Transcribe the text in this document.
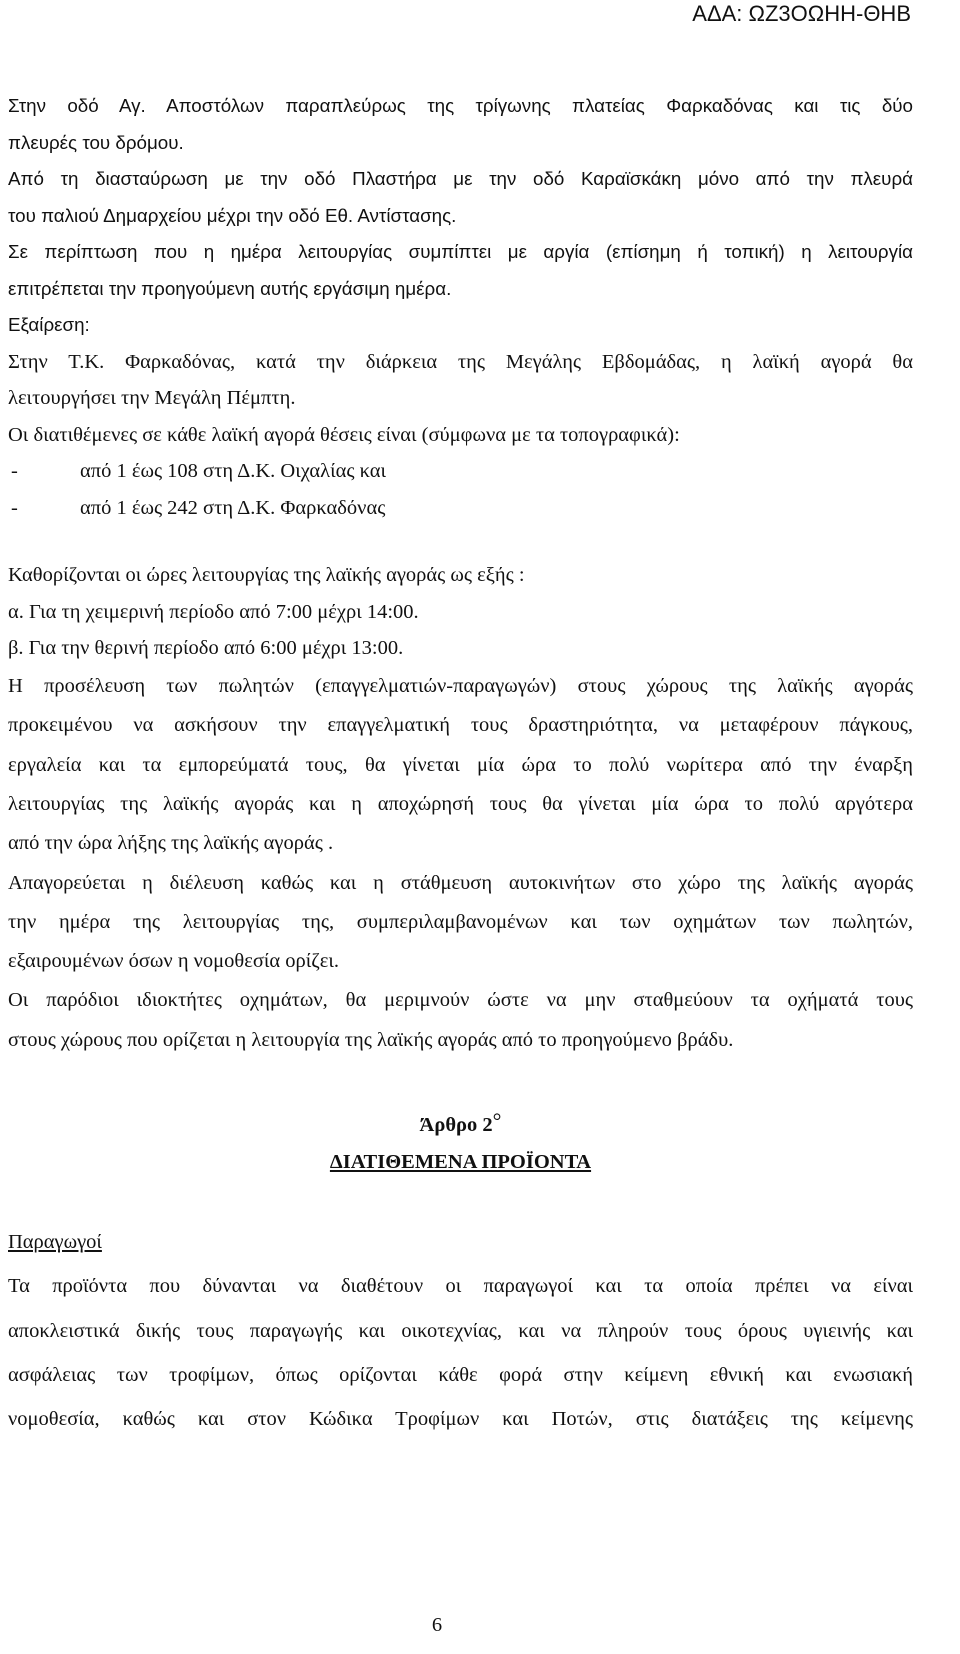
ΑΔΑ: ΩΖ3ΟΩΗΗ-ΘΗΒ
Στην οδό Αγ. Αποστόλων παραπλεύρως της τρίγωνης πλατείας Φαρκαδόνας και τις δύο
πλευρές του δρόμου.
Από τη διασταύρωση με την οδό Πλαστήρα με την οδό Καραϊσκάκη μόνο από την πλευρά
του παλιού Δημαρχείου μέχρι την οδό Εθ. Αντίστασης.
Σε περίπτωση που η ημέρα λειτουργίας συμπίπτει με αργία (επίσημη ή τοπική) η λειτουργία
επιτρέπεται την προηγούμενη αυτής εργάσιμη ημέρα.
Εξαίρεση:
Στην Τ.Κ. Φαρκαδόνας, κατά την διάρκεια της Μεγάλης Εβδομάδας, η λαϊκή αγορά θα
λειτουργήσει την Μεγάλη Πέμπτη.
Οι διατιθέμενες σε κάθε λαϊκή αγορά θέσεις είναι (σύμφωνα με τα τοπογραφικά):
-	από 1 έως 108 στη Δ.Κ. Οιχαλίας και
-	από 1 έως 242 στη Δ.Κ. Φαρκαδόνας
Καθορίζονται οι ώρες λειτουργίας της λαϊκής αγοράς ως εξής :
α. Για τη χειμερινή περίοδο από 7:00 μέχρι 14:00.
β. Για την θερινή περίοδο από 6:00 μέχρι 13:00.
Η προσέλευση των πωλητών (επαγγελματιών-παραγωγών) στους χώρους της λαϊκής αγοράς
προκειμένου να ασκήσουν την επαγγελματική τους δραστηριότητα, να μεταφέρουν πάγκους,
εργαλεία και τα εμπορεύματά τους, θα γίνεται μία ώρα το πολύ νωρίτερα από την έναρξη
λειτουργίας της λαϊκής αγοράς και η αποχώρησή τους θα γίνεται μία ώρα το πολύ αργότερα
από την ώρα λήξης της λαϊκής αγοράς .
Απαγορεύεται η διέλευση καθώς και η στάθμευση αυτοκινήτων στο χώρο της λαϊκής αγοράς
την ημέρα της λειτουργίας της, συμπεριλαμβανομένων και των οχημάτων των πωλητών,
εξαιρουμένων όσων η νομοθεσία ορίζει.
Οι παρόδιοι ιδιοκτήτες οχημάτων, θα μεριμνούν ώστε να μην σταθμεύουν τα οχήματά τους
στους χώρους που ορίζεται η λειτουργία της λαϊκής αγοράς από το προηγούμενο βράδυ.
Άρθρο 2°
ΔΙΑΤΙΘΕΜΕΝΑ ΠΡΟΪΟΝΤΑ
Παραγωγοί
Τα προϊόντα που δύνανται να διαθέτουν οι παραγωγοί και τα οποία πρέπει να είναι
αποκλειστικά δικής τους παραγωγής και οικοτεχνίας, και να πληρούν τους όρους υγιεινής και
ασφάλειας των τροφίμων, όπως ορίζονται κάθε φορά στην κείμενη εθνική και ενωσιακή
νομοθεσία, καθώς και στον Κώδικα Τροφίμων και Ποτών, στις διατάξεις της κείμενης
6
